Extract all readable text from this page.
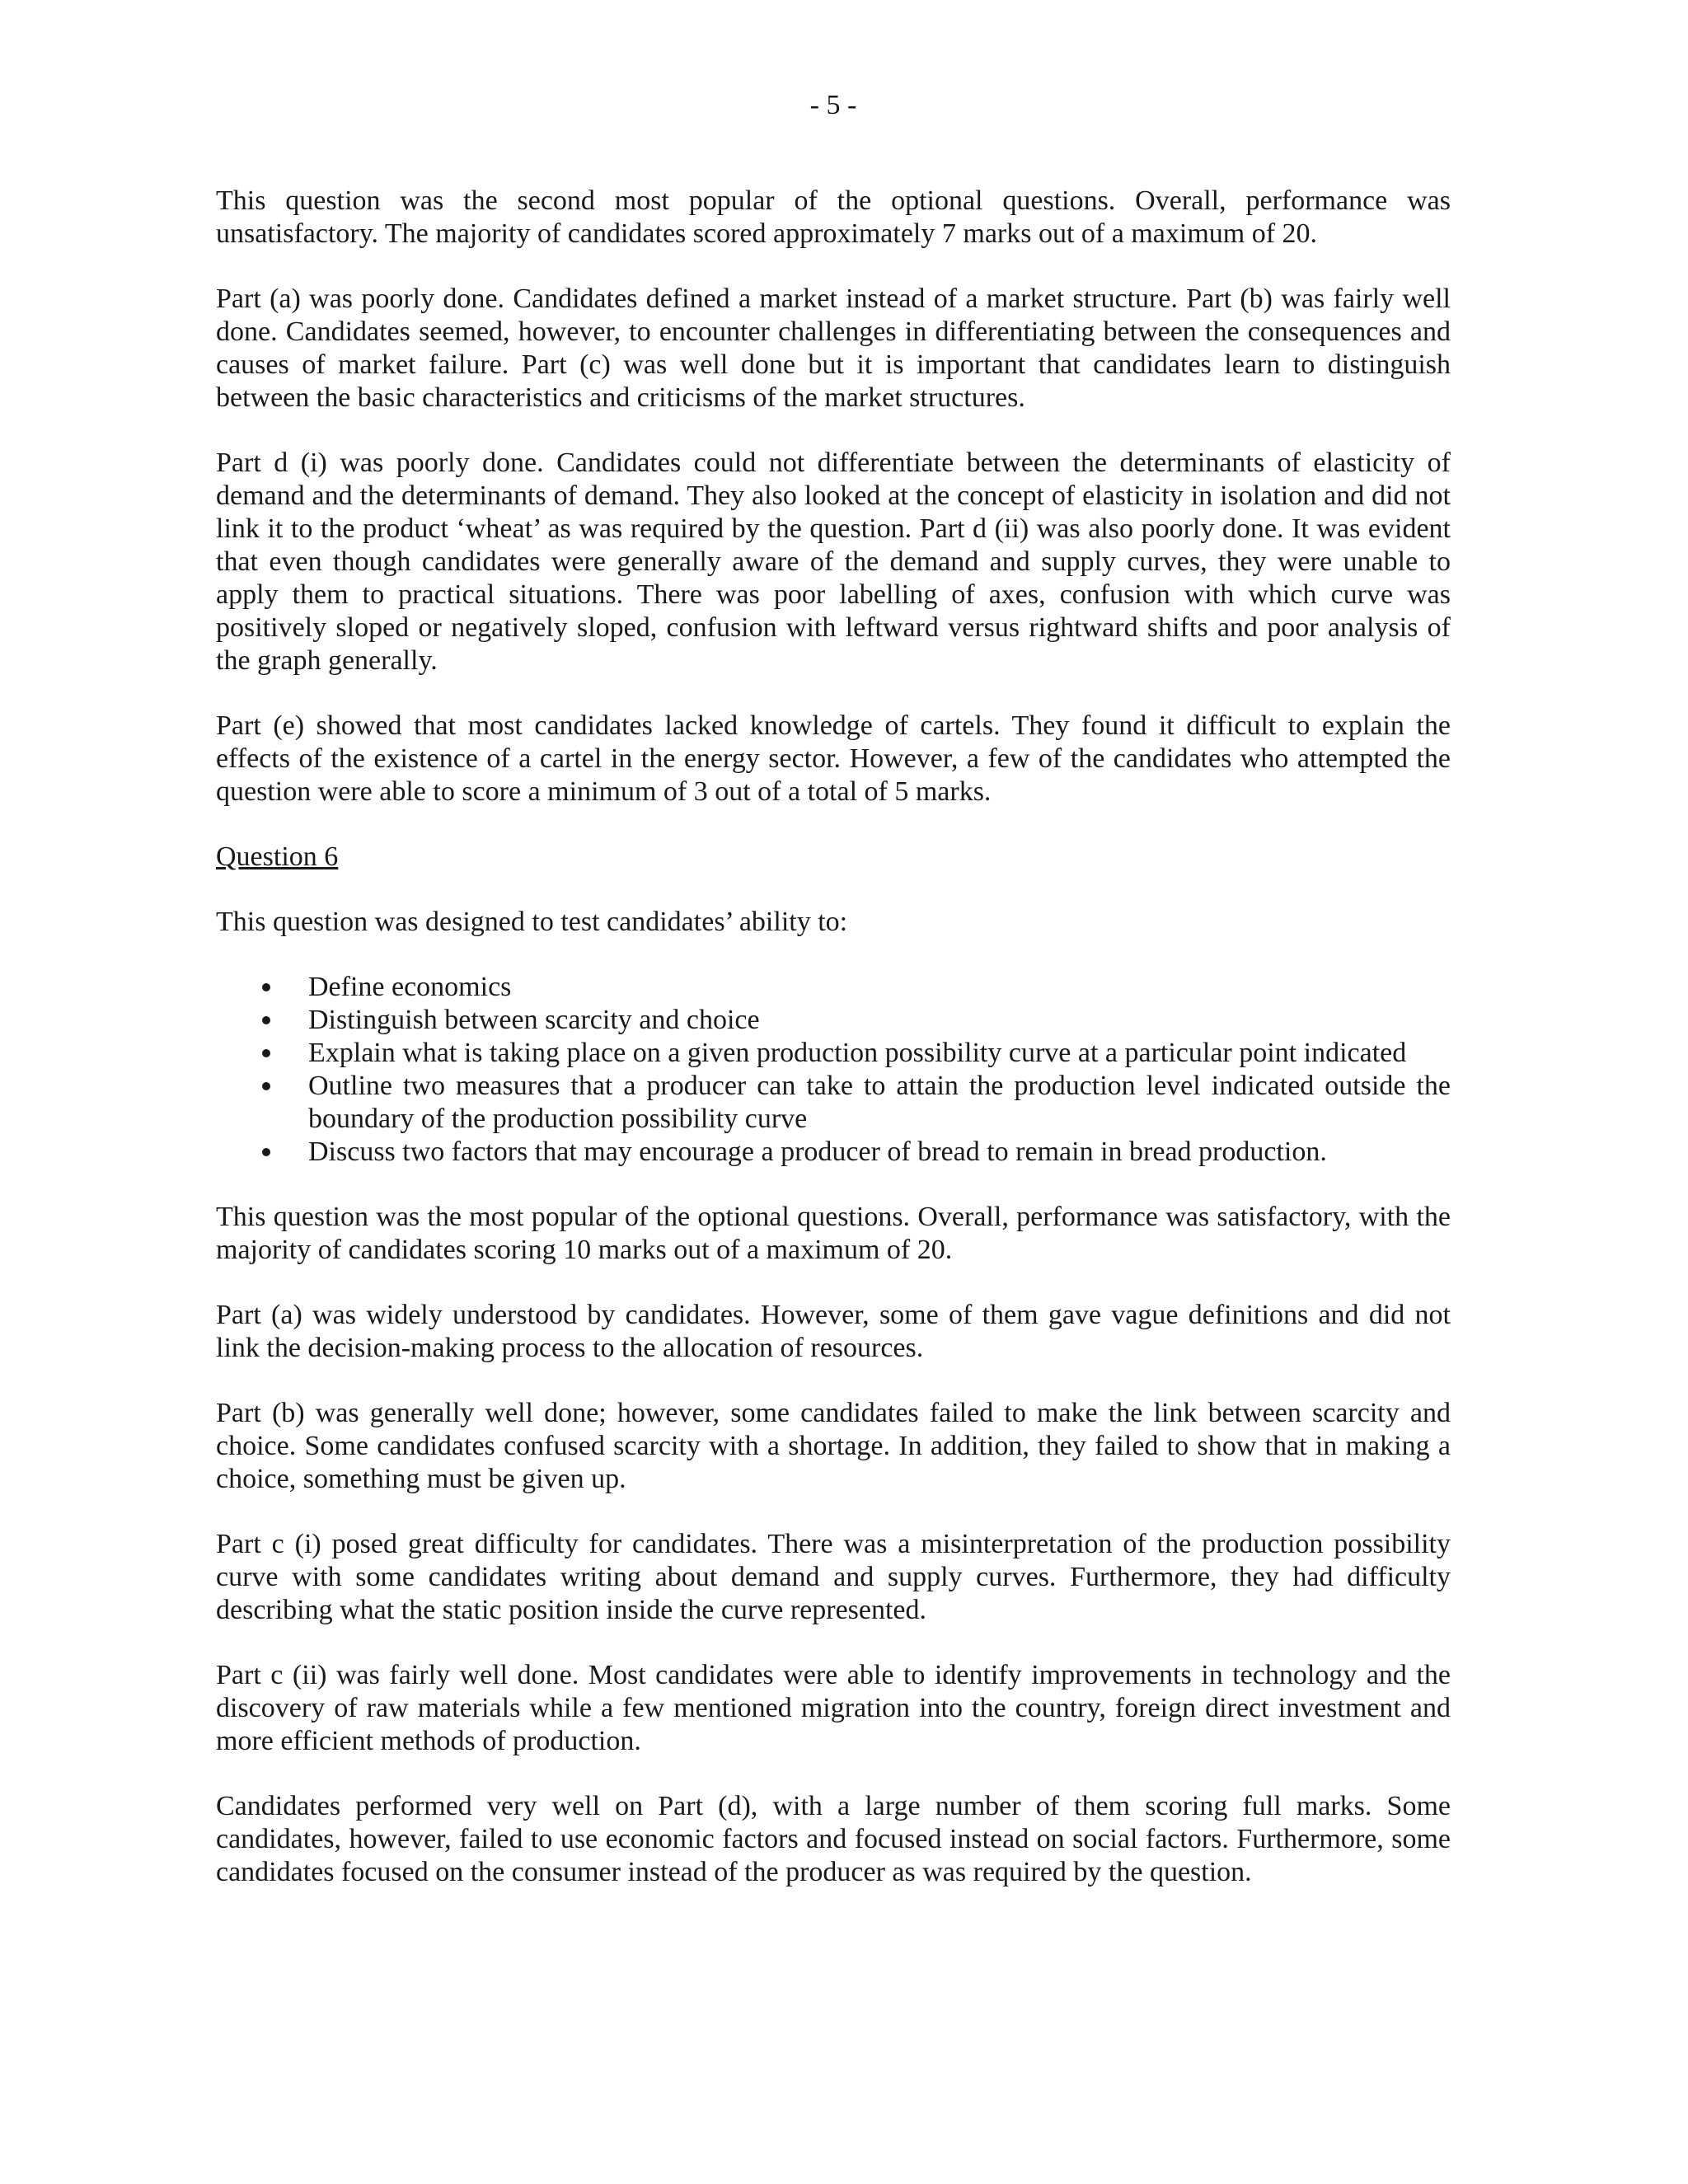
- 5 -

This question was the second most popular of the optional questions. Overall, performance was unsatisfactory. The majority of candidates scored approximately 7 marks out of a maximum of 20.

Part (a) was poorly done. Candidates defined a market instead of a market structure. Part (b) was fairly well done. Candidates seemed, however, to encounter challenges in differentiating between the consequences and causes of market failure. Part (c) was well done but it is important that candidates learn to distinguish between the basic characteristics and criticisms of the market structures.

Part d (i) was poorly done. Candidates could not differentiate between the determinants of elasticity of demand and the determinants of demand. They also looked at the concept of elasticity in isolation and did not link it to the product ‘wheat’ as was required by the question. Part d (ii) was also poorly done. It was evident that even though candidates were generally aware of the demand and supply curves, they were unable to apply them to practical situations. There was poor labelling of axes, confusion with which curve was positively sloped or negatively sloped, confusion with leftward versus rightward shifts and poor analysis of the graph generally.

Part (e) showed that most candidates lacked knowledge of cartels. They found it difficult to explain the effects of the existence of a cartel in the energy sector. However, a few of the candidates who attempted the question were able to score a minimum of 3 out of a total of 5 marks.

Question 6

This question was designed to test candidates’ ability to:

Define economics
Distinguish between scarcity and choice
Explain what is taking place on a given production possibility curve at a particular point indicated
Outline two measures that a producer can take to attain the production level indicated outside the boundary of the production possibility curve
Discuss two factors that may encourage a producer of bread to remain in bread production.

This question was the most popular of the optional questions. Overall, performance was satisfactory, with the majority of candidates scoring 10 marks out of a maximum of 20.

Part (a) was widely understood by candidates. However, some of them gave vague definitions and did not link the decision-making process to the allocation of resources.

Part (b) was generally well done; however, some candidates failed to make the link between scarcity and choice. Some candidates confused scarcity with a shortage. In addition, they failed to show that in making a choice, something must be given up.

Part c (i) posed great difficulty for candidates. There was a misinterpretation of the production possibility curve with some candidates writing about demand and supply curves. Furthermore, they had difficulty describing what the static position inside the curve represented.

Part c (ii) was fairly well done. Most candidates were able to identify improvements in technology and the discovery of raw materials while a few mentioned migration into the country, foreign direct investment and more efficient methods of production.

Candidates performed very well on Part (d), with a large number of them scoring full marks. Some candidates, however, failed to use economic factors and focused instead on social factors. Furthermore, some candidates focused on the consumer instead of the producer as was required by the question.
